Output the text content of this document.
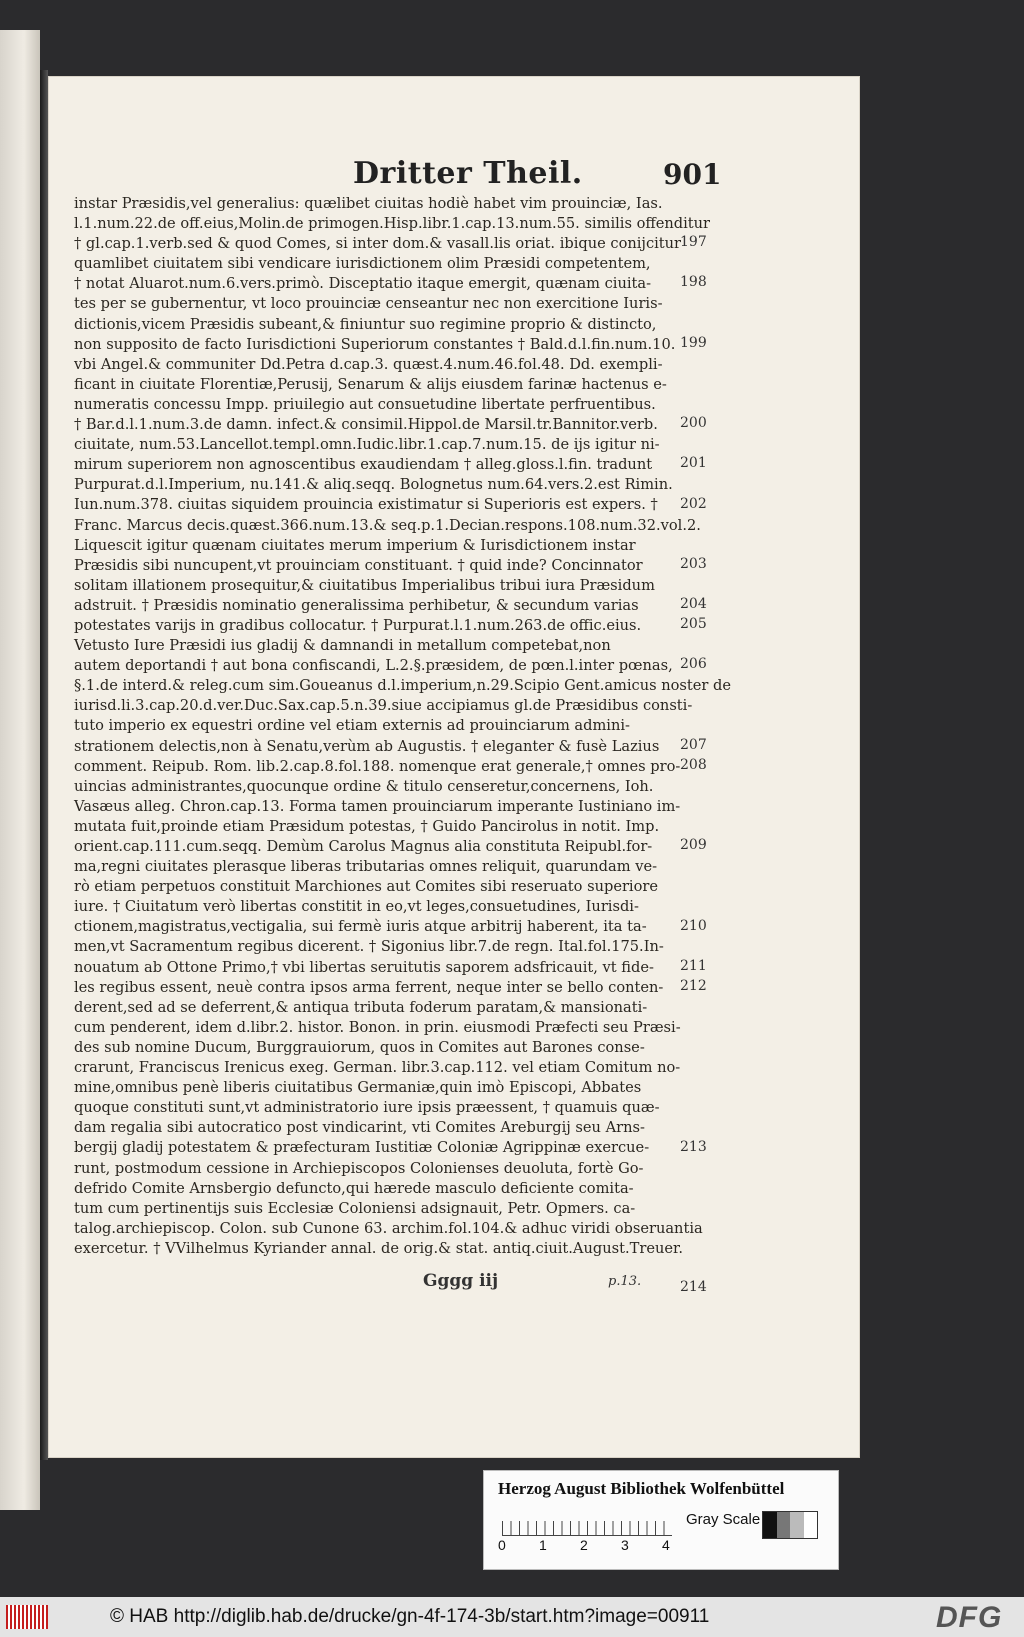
Dritter Theil.	901
instar Præsidis,vel generalius: quælibet ciuitas hodiè habet vim prouinciæ, Ias.
l.1.num.22.de off.eius,Molin.de primogen.Hisp.libr.1.cap.13.num.55. similis offenditur
† gl.cap.1.verb.sed & quod Comes, si inter dom.& vasall.lis oriat. ibique conijcitur
quamlibet ciuitatem sibi vendicare iurisdictionem olim Præsidi competentem,
† notat Aluarot.num.6.vers.primò. Disceptatio itaque emergit, quænam ciuita-
tes per se gubernentur, vt loco prouinciæ censeantur nec non exercitione Iuris-
dictionis,vicem Præsidis subeant,& finiuntur suo regimine proprio & distincto,
non supposito de facto Iurisdictioni Superiorum constantes † Bald.d.l.fin.num.10.
vbi Angel.& communiter Dd.Petra d.cap.3. quæst.4.num.46.fol.48. Dd. exempli-
ficant in ciuitate Florentiæ,Perusij, Senarum & alijs eiusdem farinæ hactenus e-
numeratis concessu Impp. priuilegio aut consuetudine libertate perfruentibus.
† Bar.d.l.1.num.3.de damn. infect.& consimil.Hippol.de Marsil.tr.Bannitor.verb.
ciuitate, num.53.Lancellot.templ.omn.Iudic.libr.1.cap.7.num.15. de ijs igitur ni-
mirum superiorem non agnoscentibus exaudiendam † alleg.gloss.l.fin. tradunt
Purpurat.d.l.Imperium, nu.141.& aliq.seqq. Bolognetus num.64.vers.2.est Rimin.
Iun.num.378. ciuitas siquidem prouincia existimatur si Superioris est expers. †
Franc. Marcus decis.quæst.366.num.13.& seq.p.1.Decian.respons.108.num.32.vol.2.
Liquescit igitur quænam ciuitates merum imperium & Iurisdictionem instar
Præsidis sibi nuncupent,vt prouinciam constituant. † quid inde? Concinnator
solitam illationem prosequitur,& ciuitatibus Imperialibus tribui iura Præsidum
adstruit. † Præsidis nominatio generalissima perhibetur, & secundum varias
potestates varijs in gradibus collocatur. † Purpurat.l.1.num.263.de offic.eius.
Vetusto Iure Præsidi ius gladij & damnandi in metallum competebat,non
autem deportandi † aut bona confiscandi, L.2.§.præsidem, de pœn.l.inter pœnas,
§.1.de interd.& releg.cum sim.Goueanus d.l.imperium,n.29.Scipio Gent.amicus noster de
iurisd.li.3.cap.20.d.ver.Duc.Sax.cap.5.n.39.siue accipiamus gl.de Præsidibus consti-
tuto imperio ex equestri ordine vel etiam externis ad prouinciarum admini-
strationem delectis,non à Senatu,verùm ab Augustis. † eleganter & fusè Lazius
comment. Reipub. Rom. lib.2.cap.8.fol.188. nomenque erat generale,† omnes pro-
uincias administrantes,quocunque ordine & titulo censeretur,concernens, Ioh.
Vasæus alleg. Chron.cap.13. Forma tamen prouinciarum imperante Iustiniano im-
mutata fuit,proinde etiam Præsidum potestas, † Guido Pancirolus in notit. Imp.
orient.cap.111.cum.seqq. Demùm Carolus Magnus alia constituta Reipubl.for-
ma,regni ciuitates plerasque liberas tributarias omnes reliquit, quarundam ve-
rò etiam perpetuos constituit Marchiones aut Comites sibi reseruato superiore
iure. † Ciuitatum verò libertas constitit in eo,vt leges,consuetudines, Iurisdi-
ctionem,magistratus,vectigalia, sui fermè iuris atque arbitrij haberent, ita ta-
men,vt Sacramentum regibus dicerent. † Sigonius libr.7.de regn. Ital.fol.175.In-
nouatum ab Ottone Primo,† vbi libertas seruitutis saporem adsfricauit, vt fide-
les regibus essent, neuè contra ipsos arma ferrent, neque inter se bello conten-
derent,sed ad se deferrent,& antiqua tributa foderum paratam,& mansionati-
cum penderent, idem d.libr.2. histor. Bonon. in prin. eiusmodi Præfecti seu Præsi-
des sub nomine Ducum, Burggrauiorum, quos in Comites aut Barones conse-
crarunt, Franciscus Irenicus exeg. German. libr.3.cap.112. vel etiam Comitum no-
mine,omnibus penè liberis ciuitatibus Germaniæ,quin imò Episcopi, Abbates
quoque constituti sunt,vt administratorio iure ipsis præessent, † quamuis quæ-
dam regalia sibi autocratico post vindicarint, vti Comites Areburgij seu Arns-
bergij gladij potestatem & præfecturam Iustitiæ Coloniæ Agrippinæ exercue-
runt, postmodum cessione in Archiepiscopos Colonienses deuoluta, fortè Go-
defrido Comite Arnsbergio defuncto,qui hærede masculo deficiente comita-
tum cum pertinentijs suis Ecclesiæ Coloniensi adsignauit, Petr. Opmers. ca-
talog.archiepiscop. Colon. sub Cunone 63. archim.fol.104.& adhuc viridi obseruantia
exercetur. † VVilhelmus Kyriander annal. de orig.& stat. antiq.ciuit.August.Treuer.
197
198
199
200
201
202
203
204
205
206
207
208
209
210
211
212
213
214
Gggg iij	p.13.
Herzog August Bibliothek Wolfenbüttel
0 1 2 3 4
Gray Scale
© HAB http://diglib.hab.de/drucke/gn-4f-174-3b/start.htm?image=00911	DFG
